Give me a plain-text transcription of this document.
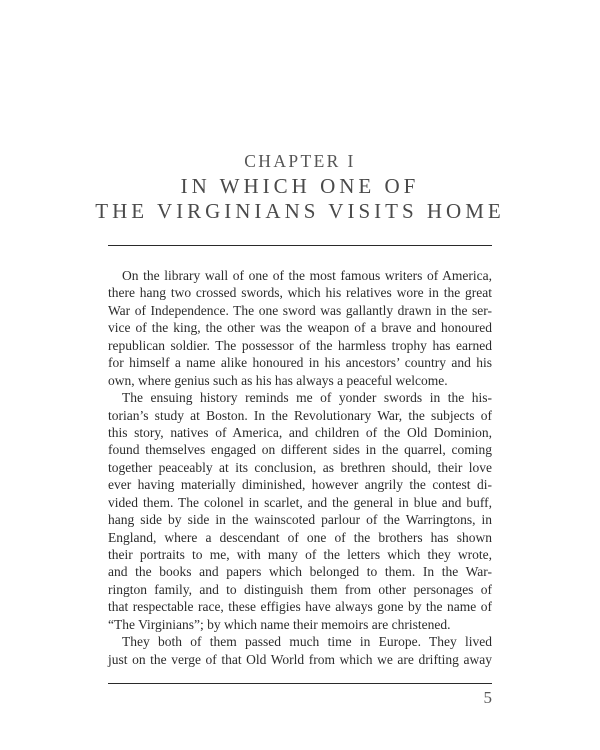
CHAPTER I
IN WHICH ONE OF
THE VIRGINIANS VISITS HOME
On the library wall of one of the most famous writers of America,
there hang two crossed swords, which his relatives wore in the great
War of Independence. The one sword was gallantly drawn in the ser-
vice of the king, the other was the weapon of a brave and honoured
republican soldier. The possessor of the harmless trophy has earned
for himself a name alike honoured in his ancestors’ country and his
own, where genius such as his has always a peaceful welcome.
The ensuing history reminds me of yonder swords in the his-
torian’s study at Boston. In the Revolutionary War, the subjects of
this story, natives of America, and children of the Old Dominion,
found themselves engaged on different sides in the quarrel, coming
together peaceably at its conclusion, as brethren should, their love
ever having materially diminished, however angrily the contest di-
vided them. The colonel in scarlet, and the general in blue and buff,
hang side by side in the wainscoted parlour of the Warringtons, in
England, where a descendant of one of the brothers has shown
their portraits to me, with many of the letters which they wrote,
and the books and papers which belonged to them. In the War-
rington family, and to distinguish them from other personages of
that respectable race, these effigies have always gone by the name of
“The Virginians”; by which name their memoirs are christened.
They both of them passed much time in Europe. They lived
just on the verge of that Old World from which we are drifting away
5
